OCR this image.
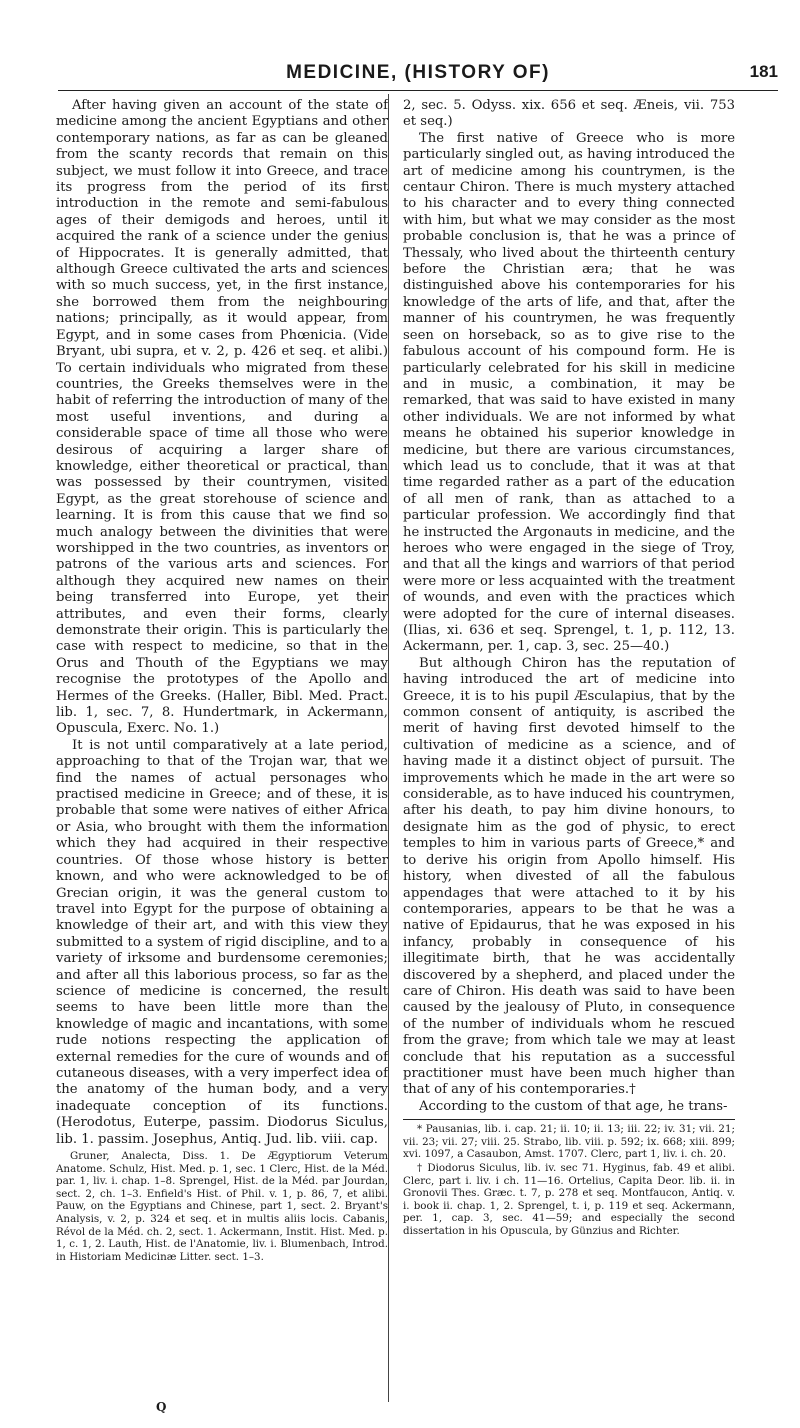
MEDICINE, (HISTORY OF)	181

After having given an account of the state of medicine among the ancient Egyptians and other contemporary nations, as far as can be gleaned from the scanty records that remain on this subject, we must follow it into Greece, and trace its progress from the period of its first introduction in the remote and semi-fabulous ages of their demigods and heroes, until it acquired the rank of a science under the genius of Hippocrates. It is generally admitted, that although Greece cultivated the arts and sciences with so much success, yet, in the first instance, she borrowed them from the neighbouring nations; principally, as it would appear, from Egypt, and in some cases from Phœnicia. (Vide Bryant, ubi supra, et v. 2, p. 426 et seq. et alibi.) To certain individuals who migrated from these countries, the Greeks themselves were in the habit of referring the introduction of many of the most useful inventions, and during a considerable space of time all those who were desirous of acquiring a larger share of knowledge, either theoretical or practical, than was possessed by their countrymen, visited Egypt, as the great storehouse of science and learning. It is from this cause that we find so much analogy between the divinities that were worshipped in the two countries, as inventors or patrons of the various arts and sciences. For although they acquired new names on their being transferred into Europe, yet their attributes, and even their forms, clearly demonstrate their origin. This is particularly the case with respect to medicine, so that in the Orus and Thouth of the Egyptians we may recognise the prototypes of the Apollo and Hermes of the Greeks. (Haller, Bibl. Med. Pract. lib. 1, sec. 7, 8. Hundertmark, in Ackermann, Opuscula, Exerc. No. 1.)

It is not until comparatively at a late period, approaching to that of the Trojan war, that we find the names of actual personages who practised medicine in Greece; and of these, it is probable that some were natives of either Africa or Asia, who brought with them the information which they had acquired in their respective countries. Of those whose history is better known, and who were acknowledged to be of Grecian origin, it was the general custom to travel into Egypt for the purpose of obtaining a knowledge of their art, and with this view they submitted to a system of rigid discipline, and to a variety of irksome and burdensome ceremonies; and after all this laborious process, so far as the science of medicine is concerned, the result seems to have been little more than the knowledge of magic and incantations, with some rude notions respecting the application of external remedies for the cure of wounds and of cutaneous diseases, with a very imperfect idea of the anatomy of the human body, and a very inadequate conception of its functions. (Herodotus, Euterpe, passim. Diodorus Siculus, lib. 1. passim. Josephus, Antiq. Jud. lib. viii. cap.

Gruner, Analecta, Diss. 1. De Ægyptiorum Veterum Anatome. Schulz, Hist. Med. p. 1, sec. 1 Clerc, Hist. de la Méd. par. 1, liv. i. chap. 1–8. Sprengel, Hist. de la Méd. par Jourdan, sect. 2, ch. 1–3. Enfield's Hist. of Phil. v. 1, p. 86, 7, et alibi. Pauw, on the Egyptians and Chinese, part 1, sect. 2. Bryant's Analysis, v. 2, p. 324 et seq. et in multis aliis locis. Cabanis, Révol de la Méd. ch. 2, sect. 1. Ackermann, Instit. Hist. Med. p. 1, c. 1, 2. Lauth, Hist. de l'Anatomie, liv. i. Blumenbach, Introd. in Historiam Medicinæ Litter. sect. 1–3.

2, sec. 5. Odyss. xix. 656 et seq. Æneis, vii. 753 et seq.)

The first native of Greece who is more particularly singled out, as having introduced the art of medicine among his countrymen, is the centaur Chiron. There is much mystery attached to his character and to every thing connected with him, but what we may consider as the most probable conclusion is, that he was a prince of Thessaly, who lived about the thirteenth century before the Christian æra; that he was distinguished above his contemporaries for his knowledge of the arts of life, and that, after the manner of his countrymen, he was frequently seen on horseback, so as to give rise to the fabulous account of his compound form. He is particularly celebrated for his skill in medicine and in music, a combination, it may be remarked, that was said to have existed in many other individuals. We are not informed by what means he obtained his superior knowledge in medicine, but there are various circumstances, which lead us to conclude, that it was at that time regarded rather as a part of the education of all men of rank, than as attached to a particular profession. We accordingly find that he instructed the Argonauts in medicine, and the heroes who were engaged in the siege of Troy, and that all the kings and warriors of that period were more or less acquainted with the treatment of wounds, and even with the practices which were adopted for the cure of internal diseases. (Ilias, xi. 636 et seq. Sprengel, t. 1, p. 112, 13. Ackermann, per. 1, cap. 3, sec. 25—40.)

But although Chiron has the reputation of having introduced the art of medicine into Greece, it is to his pupil Æsculapius, that by the common consent of antiquity, is ascribed the merit of having first devoted himself to the cultivation of medicine as a science, and of having made it a distinct object of pursuit. The improvements which he made in the art were so considerable, as to have induced his countrymen, after his death, to pay him divine honours, to designate him as the god of physic, to erect temples to him in various parts of Greece,* and to derive his origin from Apollo himself. His history, when divested of all the fabulous appendages that were attached to it by his contemporaries, appears to be that he was a native of Epidaurus, that he was exposed in his infancy, probably in consequence of his illegitimate birth, that he was accidentally discovered by a shepherd, and placed under the care of Chiron. His death was said to have been caused by the jealousy of Pluto, in consequence of the number of individuals whom he rescued from the grave; from which tale we may at least conclude that his reputation as a successful practitioner must have been much higher than that of any of his contemporaries.†

According to the custom of that age, he trans-

* Pausanias, lib. i. cap. 21; ii. 10; ii. 13; iii. 22; iv. 31; vii. 21; vii. 23; vii. 27; viii. 25. Strabo, lib. viii. p. 592; ix. 668; xiii. 899; xvi. 1097, a Casaubon, Amst. 1707. Clerc, part 1, liv. i. ch. 20.

† Diodorus Siculus, lib. iv. sec 71. Hyginus, fab. 49 et alibi. Clerc, part i. liv. i ch. 11—16. Ortelius, Capita Deor. lib. ii. in Gronovii Thes. Græc. t. 7, p. 278 et seq. Montfaucon, Antiq. v. i. book ii. chap. 1, 2. Sprengel, t. i, p. 119 et seq. Ackermann, per. 1, cap. 3, sec. 41—59; and especially the second dissertation in his Opuscula, by Günzius and Richter.

Q
